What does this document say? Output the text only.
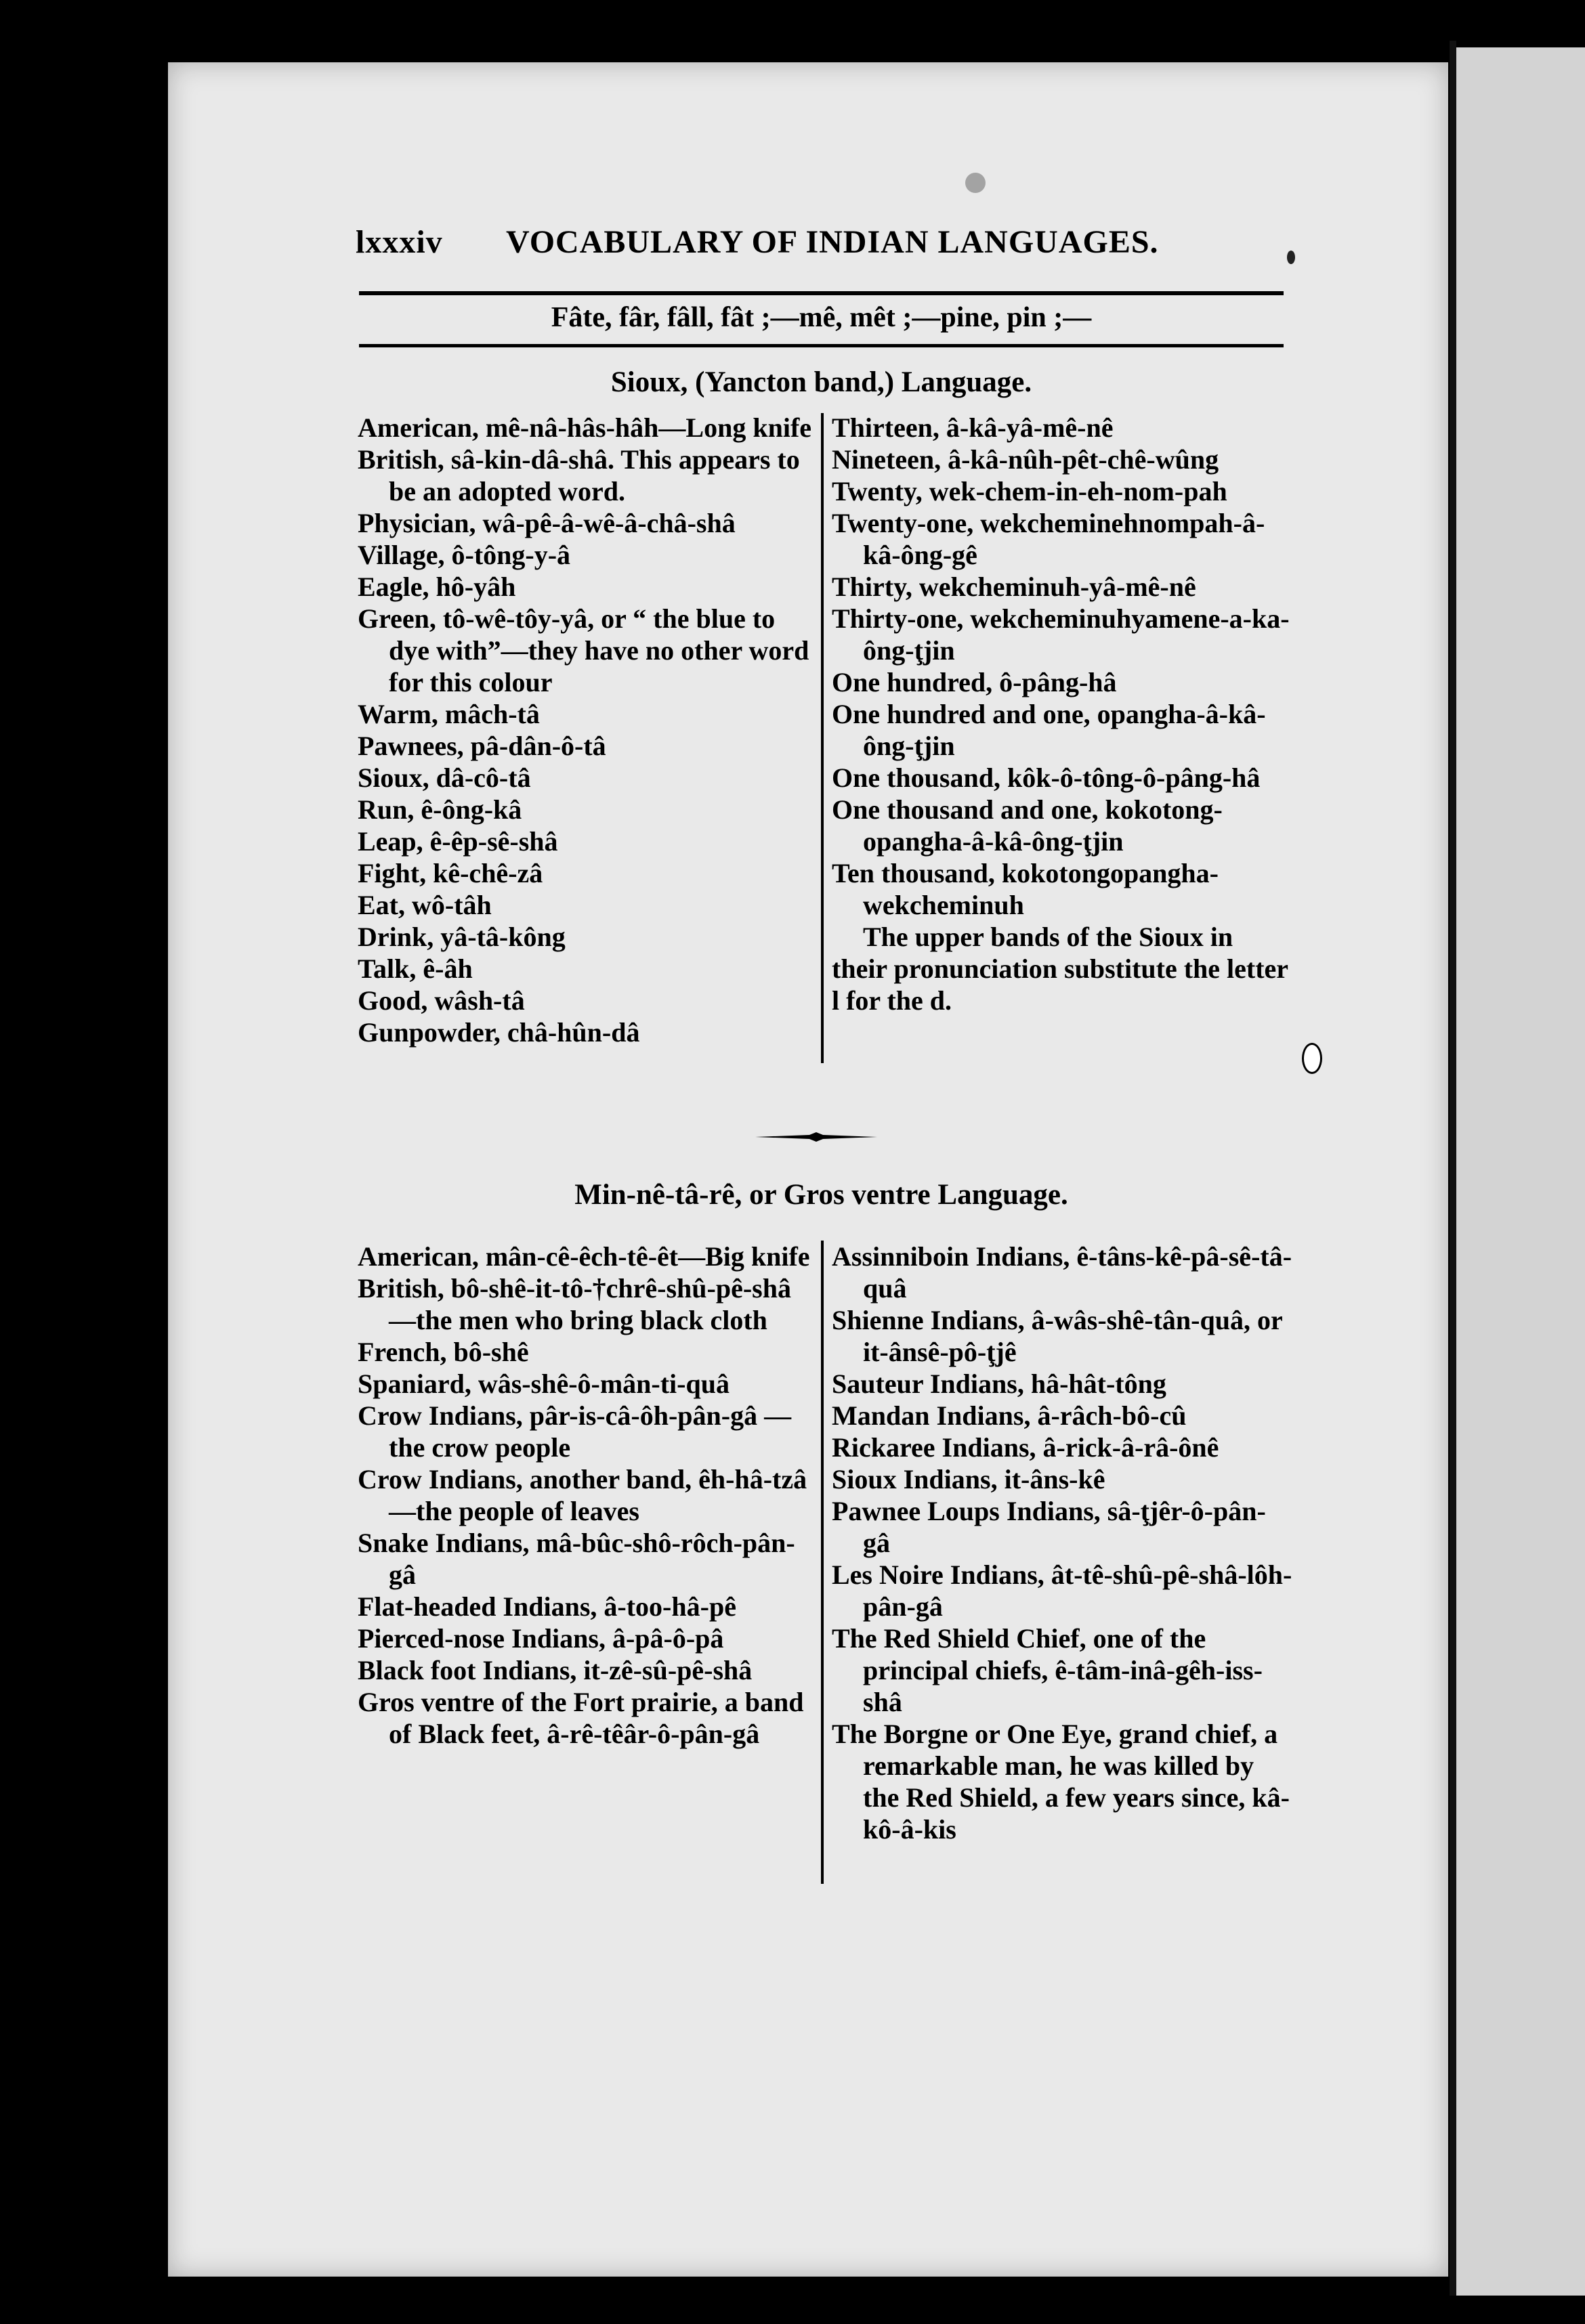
lxxxiv VOCABULARY OF INDIAN LANGUAGES.
Fâte, fâr, fâll, fât ;—mê, mêt ;—pine, pin ;—
Sioux, (Yancton band,) Language.

American, mê-nâ-hâs-hâh—Long knife

British, sâ-kin-dâ-shâ. This appears to be an adopted word.

Physician, wâ-pê-â-wê-â-châ-shâ

Village, ô-tông-y-â

Eagle, hô-yâh

Green, tô-wê-tôy-yâ, or “ the blue to dye with”—they have no other word for this colour

Warm, mâch-tâ

Pawnees, pâ-dân-ô-tâ

Sioux, dâ-cô-tâ

Run, ê-ông-kâ

Leap, ê-êp-sê-shâ

Fight, kê-chê-zâ

Eat, wô-tâh

Drink, yâ-tâ-kông

Talk, ê-âh

Good, wâsh-tâ

Gunpowder, châ-hûn-dâ

Thirteen, â-kâ-yâ-mê-nê

Nineteen, â-kâ-nûh-pêt-chê-wûng

Twenty, wek-chem-in-eh-nom-pah

Twenty-one, wekcheminehnompah-â-kâ-ông-gê

Thirty, wekcheminuh-yâ-mê-nê

Thirty-one, wekcheminuhyamene-a-ka-ông-ţjin

One hundred, ô-pâng-hâ

One hundred and one, opangha-â-kâ-ông-ţjin

One thousand, kôk-ô-tông-ô-pâng-hâ

One thousand and one, kokotong-opangha-â-kâ-ông-ţjin

Ten thousand, kokotongopangha-wekcheminuh

The upper bands of the Sioux in their pronunciation substitute the letter l for the d.

Min-nê-tâ-rê, or Gros ventre Language.

American, mân-cê-êch-tê-êt—Big knife

British, bô-shê-it-tô-†chrê-shû-pê-shâ—the men who bring black cloth

French, bô-shê

Spaniard, wâs-shê-ô-mân-ti-quâ

Crow Indians, pâr-is-câ-ôh-pân-gâ —the crow people

Crow Indians, another band, êh-hâ-tzâ—the people of leaves

Snake Indians, mâ-bûc-shô-rôch-pân-gâ

Flat-headed Indians, â-too-hâ-pê

Pierced-nose Indians, â-pâ-ô-pâ

Black foot Indians, it-zê-sû-pê-shâ

Gros ventre of the Fort prairie, a band of Black feet, â-rê-têâr-ô-pân-gâ

Assinniboin Indians, ê-tâns-kê-pâ-sê-tâ-quâ

Shienne Indians, â-wâs-shê-tân-quâ, or it-ânsê-pô-ţjê

Sauteur Indians, hâ-hât-tông

Mandan Indians, â-râch-bô-cû

Rickaree Indians, â-rick-â-râ-ônê

Sioux Indians, it-âns-kê

Pawnee Loups Indians, sâ-ţjêr-ô-pân-gâ

Les Noire Indians, ât-tê-shû-pê-shâ-lôh-pân-gâ

The Red Shield Chief, one of the principal chiefs, ê-tâm-inâ-gêh-iss-shâ

The Borgne or One Eye, grand chief, a remarkable man, he was killed by the Red Shield, a few years since, kâ-kô-â-kis
